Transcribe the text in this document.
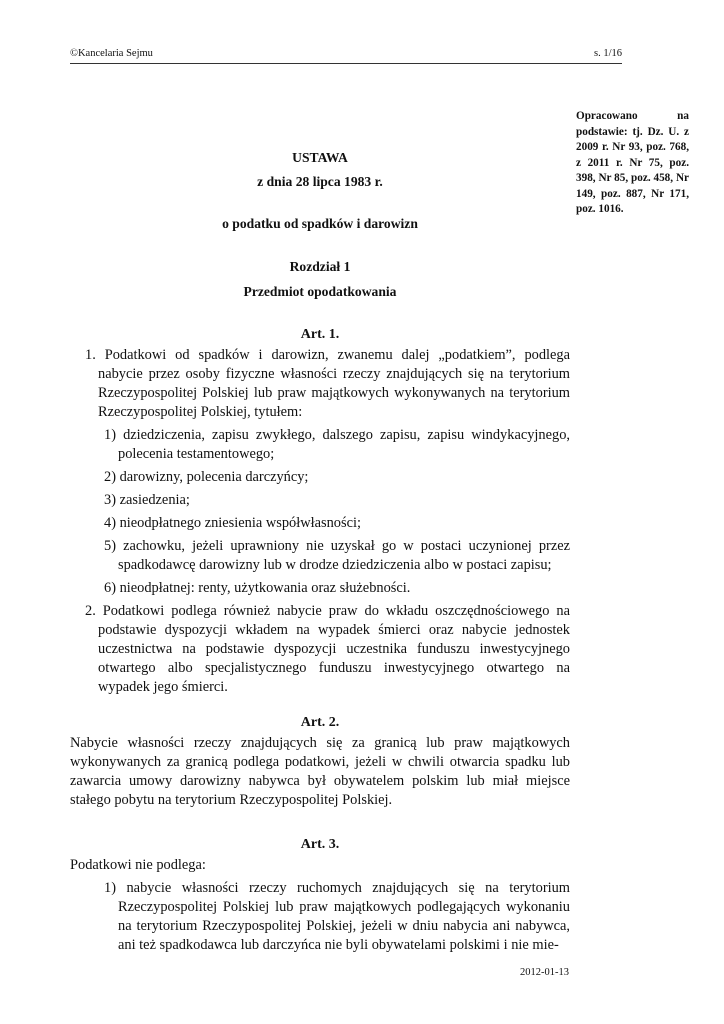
©Kancelaria Sejmu	s. 1/16
Opracowano na podstawie: tj. Dz. U. z 2009 r. Nr 93, poz. 768, z 2011 r. Nr 75, poz. 398, Nr 85, poz. 458, Nr 149, poz. 887, Nr 171, poz. 1016.
USTAWA
z dnia 28 lipca 1983 r.
o podatku od spadków i darowizn
Rozdział 1
Przedmiot opodatkowania
Art. 1.
1. Podatkowi od spadków i darowizn, zwanemu dalej „podatkiem”, podlega nabycie przez osoby fizyczne własności rzeczy znajdujących się na terytorium Rzeczypospolitej Polskiej lub praw majątkowych wykonywanych na terytorium Rzeczypospolitej Polskiej, tytułem:
1) dziedziczenia, zapisu zwykłego, dalszego zapisu, zapisu windykacyjnego, polecenia testamentowego;
2) darowizny, polecenia darczyńcy;
3) zasiedzenia;
4) nieodpłatnego zniesienia współwłasności;
5) zachowku, jeżeli uprawniony nie uzyskał go w postaci uczynionej przez spadkodawcę darowizny lub w drodze dziedziczenia albo w postaci zapisu;
6) nieodpłatnej: renty, użytkowania oraz służebności.
2. Podatkowi podlega również nabycie praw do wkładu oszczędnościowego na podstawie dyspozycji wkładem na wypadek śmierci oraz nabycie jednostek uczestnictwa na podstawie dyspozycji uczestnika funduszu inwestycyjnego otwartego albo specjalistycznego funduszu inwestycyjnego otwartego na wypadek jego śmierci.
Art. 2.
Nabycie własności rzeczy znajdujących się za granicą lub praw majątkowych wykonywanych za granicą podlega podatkowi, jeżeli w chwili otwarcia spadku lub zawarcia umowy darowizny nabywca był obywatelem polskim lub miał miejsce stałego pobytu na terytorium Rzeczypospolitej Polskiej.
Art. 3.
Podatkowi nie podlega:
1) nabycie własności rzeczy ruchomych znajdujących się na terytorium Rzeczypospolitej Polskiej lub praw majątkowych podlegających wykonaniu na terytorium Rzeczypospolitej Polskiej, jeżeli w dniu nabycia ani nabywca, ani też spadkodawca lub darczyńca nie byli obywatelami polskimi i nie mie-
2012-01-13
